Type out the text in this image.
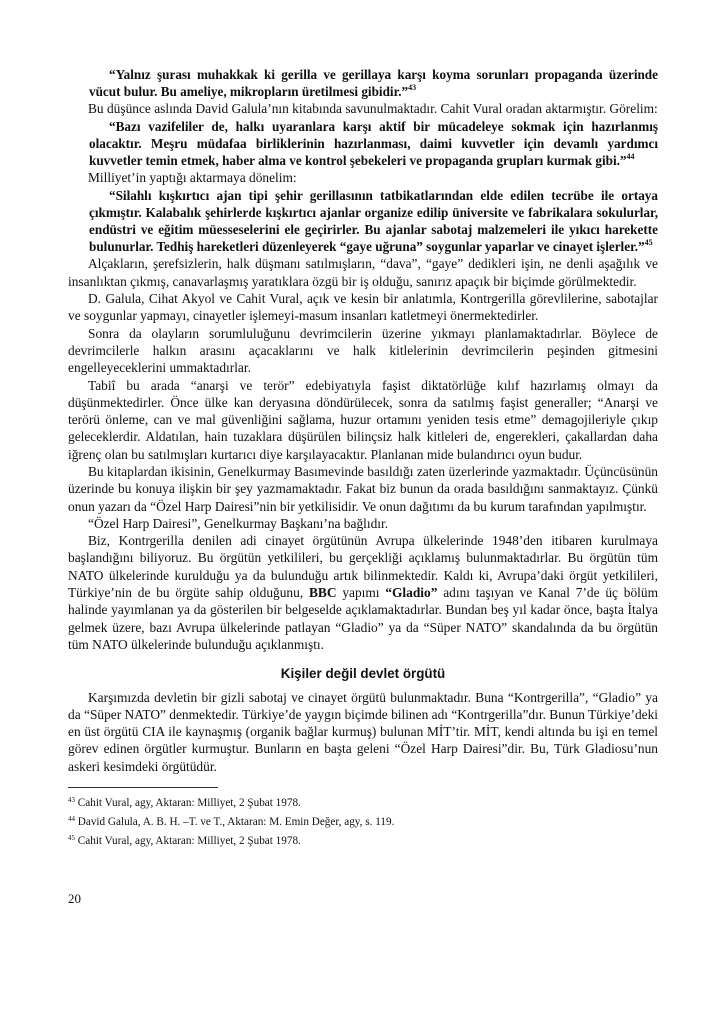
“Yalnız şurası muhakkak ki gerilla ve gerillaya karşı koyma sorunları propaganda üzerinde vücut bulur. Bu ameliye, mikropların üretilmesi gibidir.”$^{43}$

Bu düşünce aslında David Galula’nın kitabında savunulmaktadır. Cahit Vural oradan aktarmıştır. Görelim:

“Bazı vazifeliler de, halkı uyaranlara karşı aktif bir mücadeleye sokmak için hazırlanmış olacaktır. Meşru müdafaa birliklerinin hazırlanması, daimi kuvvetler için devamlı yardımcı kuvvetler temin etmek, haber alma ve kontrol şebekeleri ve propaganda grupları kurmak gibi.”$^{44}$

Milliyet’in yaptığı aktarmaya dönelim:

“Silahlı kışkırtıcı ajan tipi şehir gerillasının tatbikatlarından elde edilen tecrübe ile ortaya çıkmıştır. Kalabalık şehirlerde kışkırtıcı ajanlar organize edilip üniversite ve fabrikalara sokulurlar, endüstri ve eğitim müesseselerini ele geçirirler. Bu ajanlar sabotaj malzemeleri ile yıkıcı harekette bulunurlar. Tedhiş hareketleri düzenleyerek “gaye uğruna” soygunlar yaparlar ve cinayet işlerler.”$^{45}$

Alçakların, şerefsizlerin, halk düşmanı satılmışların, “dava”, “gaye” dedikleri işin, ne denli aşağılık ve insanlıktan çıkmış, canavarlaşmış yaratıklara özgü bir iş olduğu, sanırız apaçık bir biçimde görülmektedir.

D. Galula, Cihat Akyol ve Cahit Vural, açık ve kesin bir anlatımla, Kontrgerilla görevlilerine, sabotajlar ve soygunlar yapmayı, cinayetler işlemeyi-masum insanları katletmeyi önermektedirler.

Sonra da olayların sorumluluğunu devrimcilerin üzerine yıkmayı planlamaktadırlar. Böylece de devrimcilerle halkın arasını açacaklarını ve halk kitlelerinin devrimcilerin peşinden gitmesini engelleyeceklerini ummaktadırlar.

Tabiî bu arada “anarşi ve terör” edebiyatıyla faşist diktatörlüğe kılıf hazırlamış olmayı da düşünmektedirler. Önce ülke kan deryasına döndürülecek, sonra da satılmış faşist generaller; “Anarşi ve terörü önleme, can ve mal güvenliğini sağlama, huzur ortamını yeniden tesis etme” demagojileriyle çıkıp geleceklerdir. Aldatılan, hain tuzaklara düşürülen bilinçsiz halk kitleleri de, engerekleri, çakallardan daha iğrenç olan bu satılmışları kurtarıcı diye karşılayacaktır. Planlanan mide bulandırıcı oyun budur.

Bu kitaplardan ikisinin, Genelkurmay Basımevinde basıldığı zaten üzerlerinde yazmaktadır. Üçüncüsünün üzerinde bu konuya ilişkin bir şey yazmamaktadır. Fakat biz bunun da orada basıldığını sanmaktayız. Çünkü onun yazarı da “Özel Harp Dairesi”nin bir yetkilisidir. Ve onun dağıtımı da bu kurum tarafından yapılmıştır.

“Özel Harp Dairesi”, Genelkurmay Başkanı’na bağlıdır.

Biz, Kontrgerilla denilen adi cinayet örgütünün Avrupa ülkelerinde 1948’den itibaren kurulmaya başlandığını biliyoruz. Bu örgütün yetkilileri, bu gerçekliği açıklamış bulunmaktadırlar. Bu örgütün tüm NATO ülkelerinde kurulduğu ya da bulunduğu artık bilinmektedir. Kaldı ki, Avrupa’daki örgüt yetkilileri, Türkiye’nin de bu örgüte sahip olduğunu, BBC yapımı “Gladio” adını taşıyan ve Kanal 7’de üç bölüm halinde yayımlanan ya da gösterilen bir belgeselde açıklamaktadırlar. Bundan beş yıl kadar önce, başta İtalya gelmek üzere, bazı Avrupa ülkelerinde patlayan “Gladio” ya da “Süper NATO” skandalında da bu örgütün tüm NATO ülkelerinde bulunduğu açıklanmıştı.

Kişiler değil devlet örgütü

Karşımızda devletin bir gizli sabotaj ve cinayet örgütü bulunmaktadır. Buna “Kontrgerilla”, “Gladio” ya da “Süper NATO” denmektedir. Türkiye’de yaygın biçimde bilinen adı “Kontrgerilla”dır. Bunun Türkiye’deki en üst örgütü CIA ile kaynaşmış (organik bağlar kurmuş) bulunan MİT’tir. MİT, kendi altında bu işi en temel görev edinen örgütler kurmuştur. Bunların en başta geleni “Özel Harp Dairesi”dir. Bu, Türk Gladiosu’nun askeri kesimdeki örgütüdür.

$^{43}$ Cahit Vural, agy, Aktaran: Milliyet, 2 Şubat 1978.

$^{44}$ David Galula, A. B. H. –T. ve T., Aktaran: M. Emin Değer, agy, s. 119.

$^{45}$ Cahit Vural, agy, Aktaran: Milliyet, 2 Şubat 1978.

20
